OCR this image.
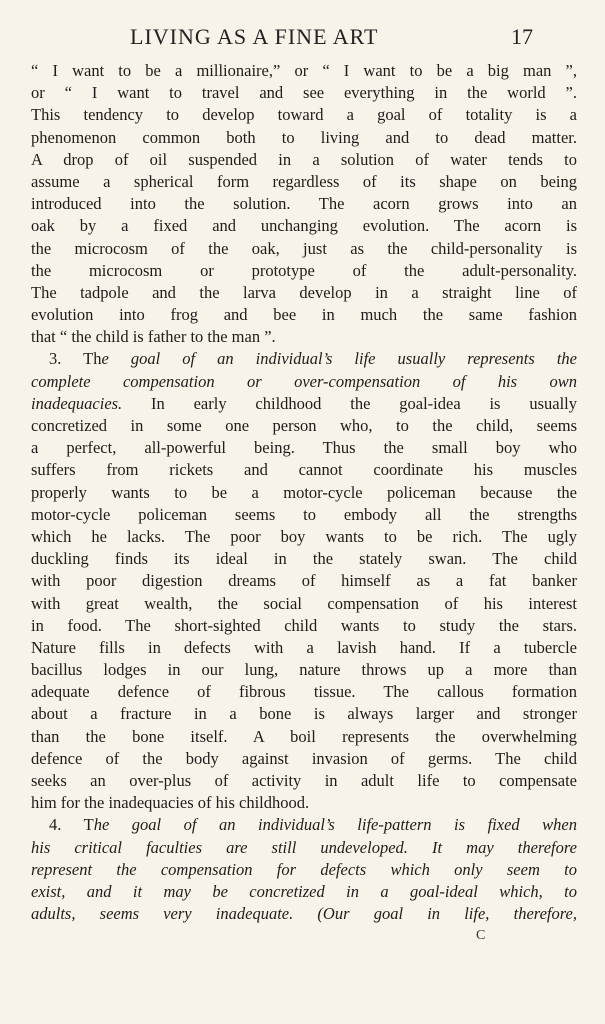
LIVING AS A FINE ART	17
“ I want to be a millionaire,” or “ I want to be a big man ”,
or “ I want to travel and see everything in the world ”.
This tendency to develop toward a goal of totality is a
phenomenon common both to living and to dead matter.
A drop of oil suspended in a solution of water tends to
assume a spherical form regardless of its shape on being
introduced into the solution. The acorn grows into an
oak by a fixed and unchanging evolution. The acorn is
the microcosm of the oak, just as the child-personality is
the microcosm or prototype of the adult-personality.
The tadpole and the larva develop in a straight line of
evolution into frog and bee in much the same fashion
that “ the child is father to the man ”.
3. The goal of an individual’s life usually represents the
complete compensation or over-compensation of his own
inadequacies. In early childhood the goal-idea is usually
concretized in some one person who, to the child, seems
a perfect, all-powerful being. Thus the small boy who
suffers from rickets and cannot coordinate his muscles
properly wants to be a motor-cycle policeman because the
motor-cycle policeman seems to embody all the strengths
which he lacks. The poor boy wants to be rich. The ugly
duckling finds its ideal in the stately swan. The child
with poor digestion dreams of himself as a fat banker
with great wealth, the social compensation of his interest
in food. The short-sighted child wants to study the stars.
Nature fills in defects with a lavish hand. If a tubercle
bacillus lodges in our lung, nature throws up a more than
adequate defence of fibrous tissue. The callous formation
about a fracture in a bone is always larger and stronger
than the bone itself. A boil represents the overwhelming
defence of the body against invasion of germs. The child
seeks an over-plus of activity in adult life to compensate
him for the inadequacies of his childhood.
4. The goal of an individual’s life-pattern is fixed when
his critical faculties are still undeveloped. It may therefore
represent the compensation for defects which only seem to
exist, and it may be concretized in a goal-ideal which, to
adults, seems very inadequate. (Our goal in life, therefore,
C
